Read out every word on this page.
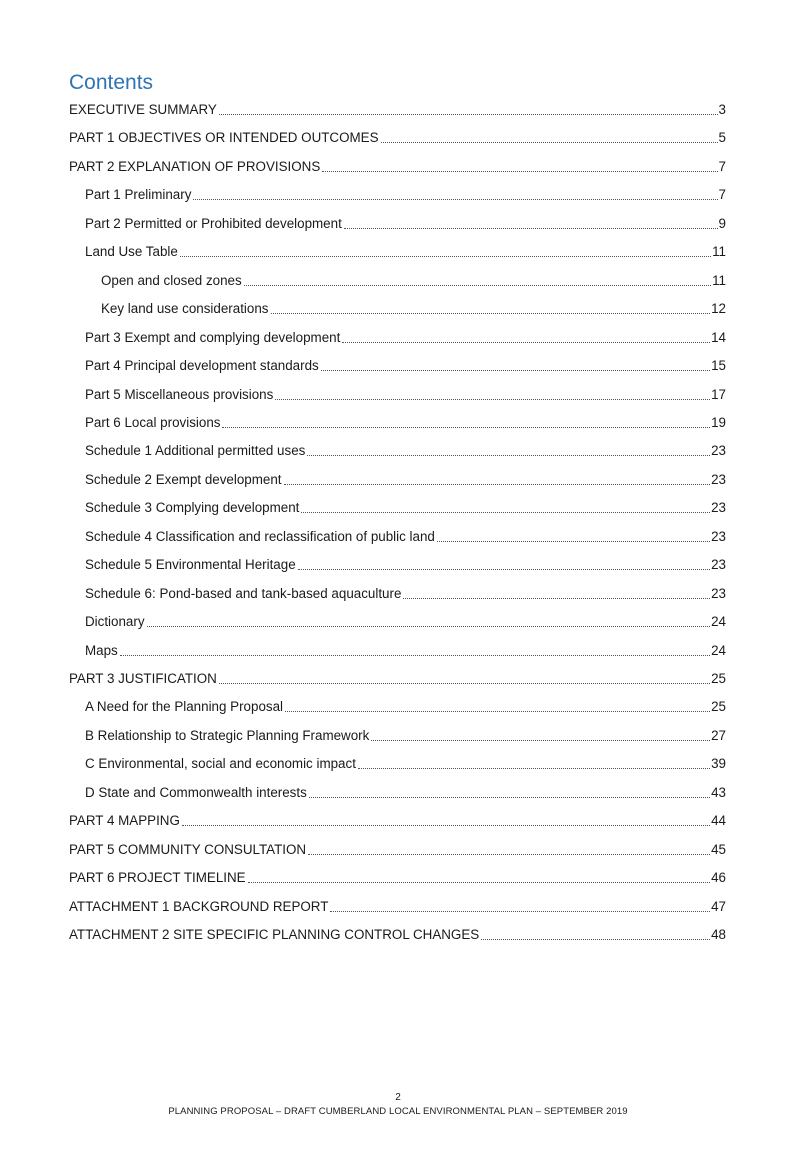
Contents
EXECUTIVE SUMMARY	3
PART 1 OBJECTIVES OR INTENDED OUTCOMES	5
PART 2 EXPLANATION OF PROVISIONS	7
Part 1 Preliminary	7
Part 2 Permitted or Prohibited development	9
Land Use Table	11
Open and closed zones	11
Key land use considerations	12
Part 3 Exempt and complying development	14
Part 4 Principal development standards	15
Part 5 Miscellaneous provisions	17
Part 6 Local provisions	19
Schedule 1 Additional permitted uses	23
Schedule 2 Exempt development	23
Schedule 3 Complying development	23
Schedule 4 Classification and reclassification of public land	23
Schedule 5 Environmental Heritage	23
Schedule 6: Pond-based and tank-based aquaculture	23
Dictionary	24
Maps	24
PART 3 JUSTIFICATION	25
A Need for the Planning Proposal	25
B Relationship to Strategic Planning Framework	27
C Environmental, social and economic impact	39
D State and Commonwealth interests	43
PART 4 MAPPING	44
PART 5 COMMUNITY CONSULTATION	45
PART 6 PROJECT TIMELINE	46
ATTACHMENT 1 BACKGROUND REPORT	47
ATTACHMENT 2 SITE SPECIFIC PLANNING CONTROL CHANGES	48
2
PLANNING PROPOSAL – DRAFT CUMBERLAND LOCAL ENVIRONMENTAL PLAN – SEPTEMBER 2019
